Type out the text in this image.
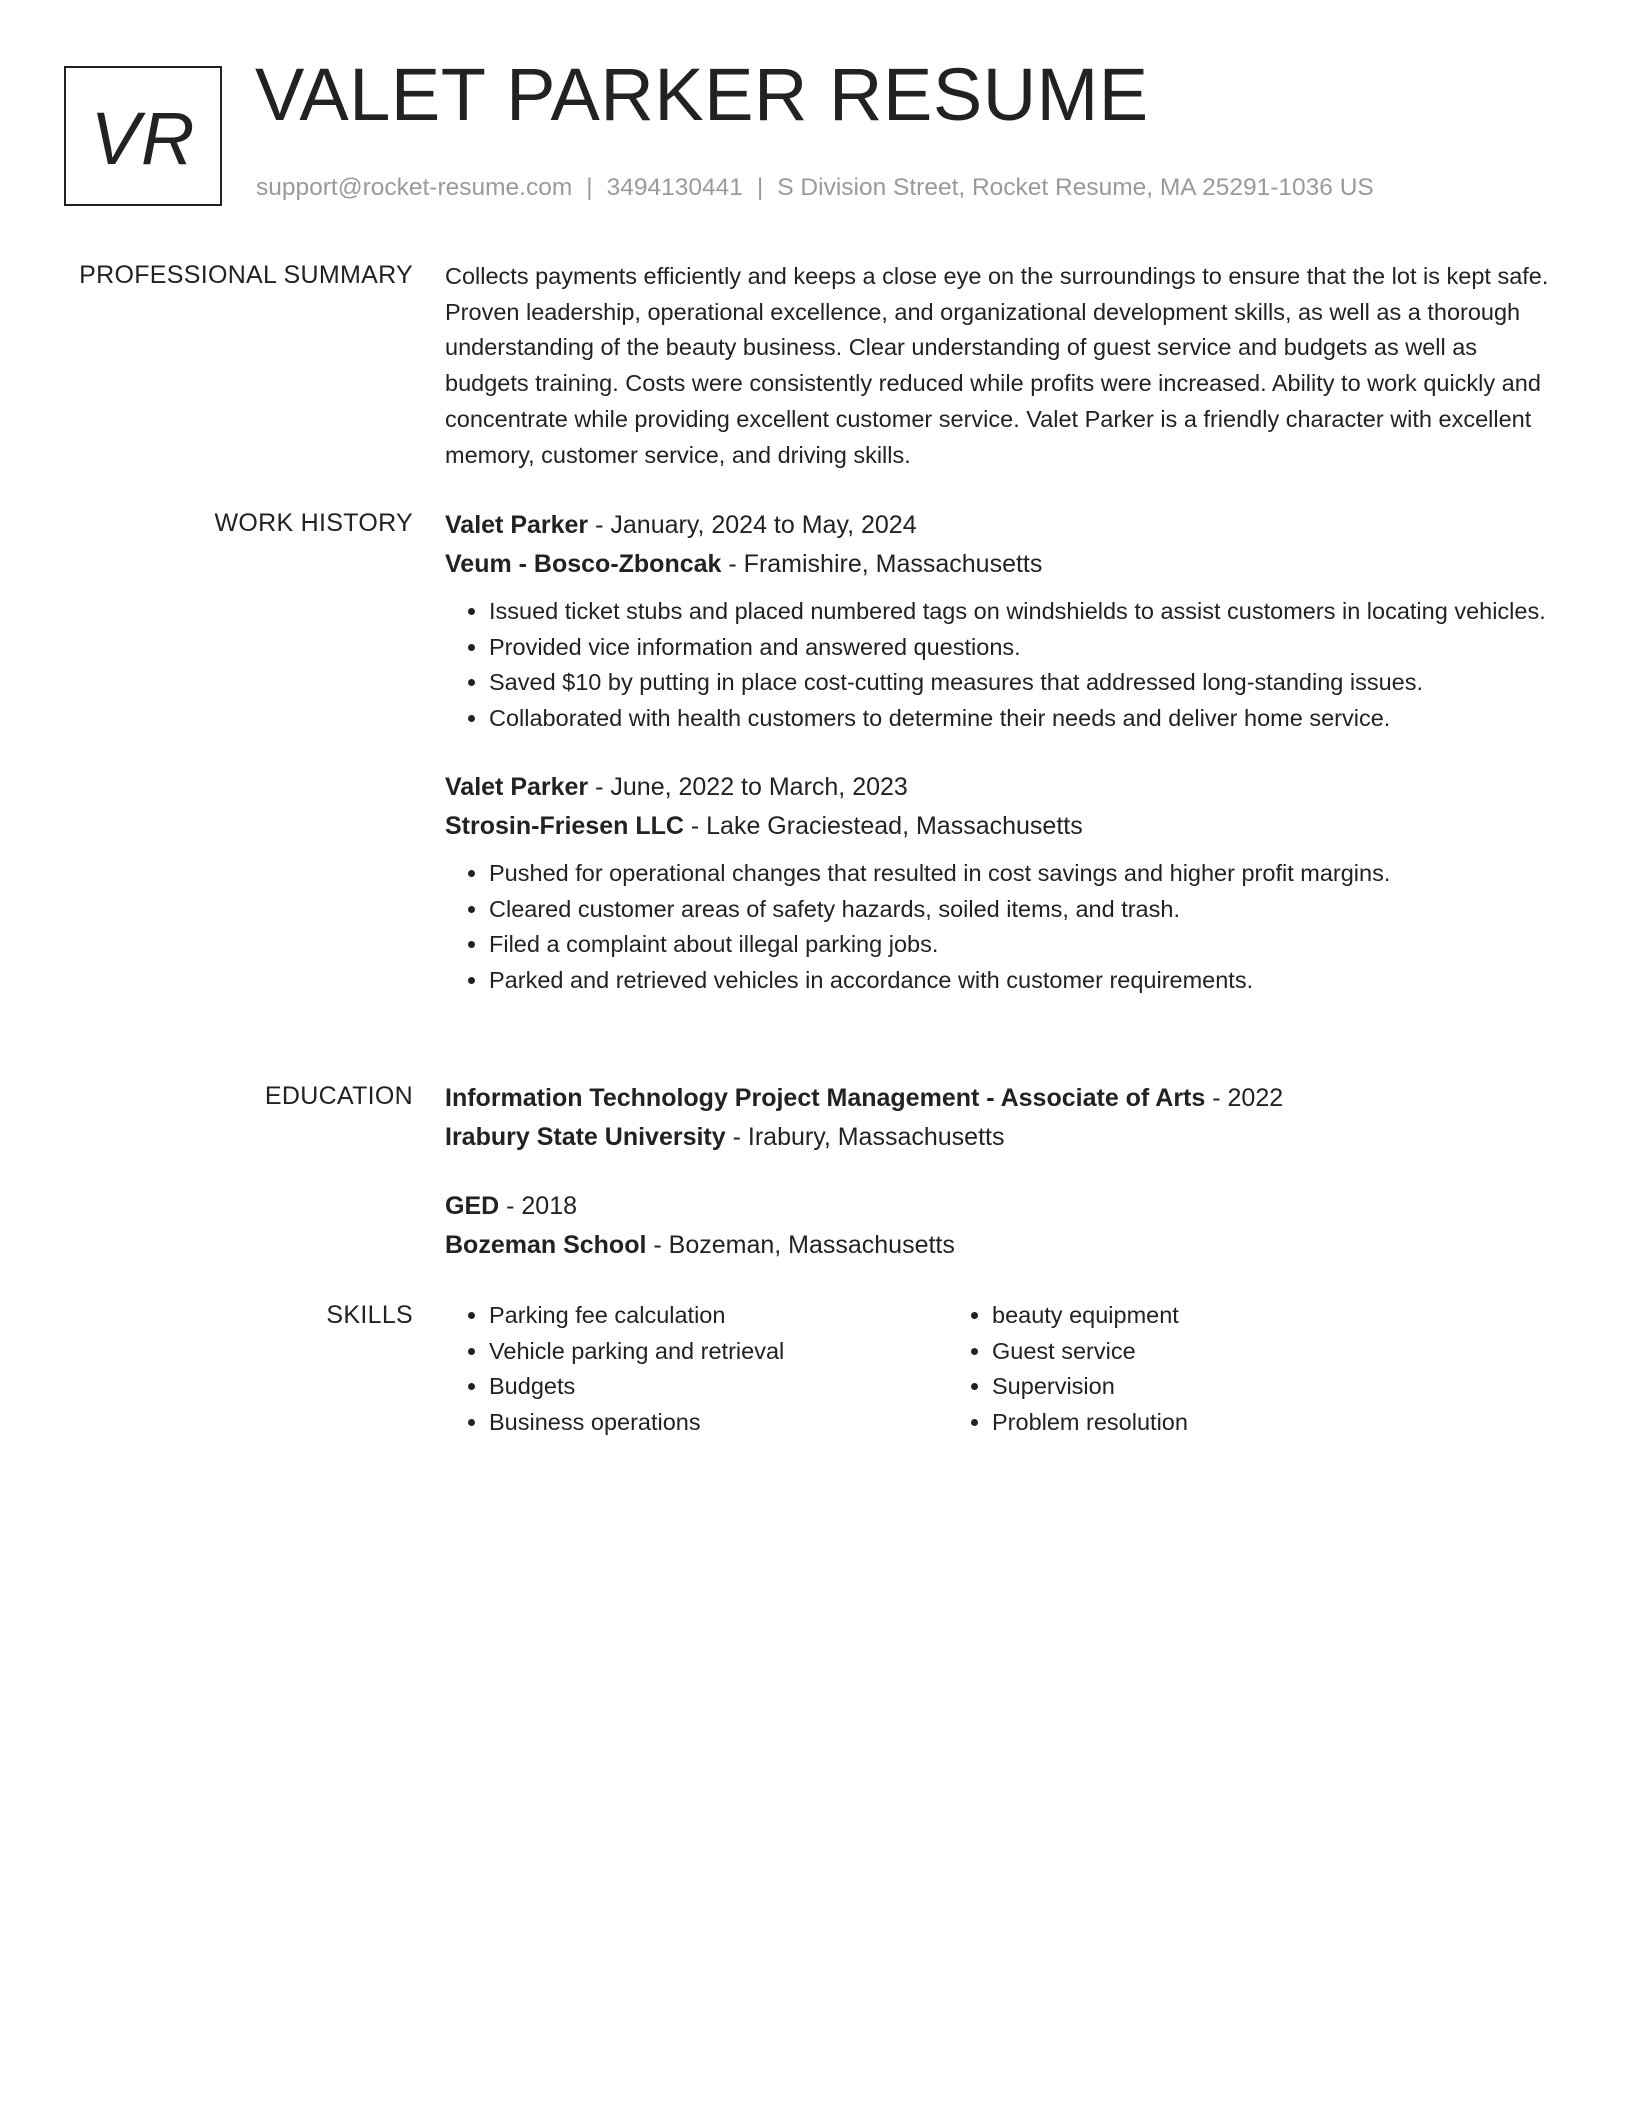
VR
VALET PARKER RESUME
support@rocket-resume.com | 3494130441 | S Division Street, Rocket Resume, MA 25291-1036 US
PROFESSIONAL SUMMARY Collects payments efficiently and keeps a close eye on the surroundings to ensure that the lot is kept safe. Proven leadership, operational excellence, and organizational development skills, as well as a thorough understanding of the beauty business. Clear understanding of guest service and budgets as well as budgets training. Costs were consistently reduced while profits were increased. Ability to work quickly and concentrate while providing excellent customer service. Valet Parker is a friendly character with excellent memory, customer service, and driving skills.

WORK HISTORY Valet Parker - January, 2024 to May, 2024
Veum - Bosco-Zboncak - Framishire, Massachusetts
• Issued ticket stubs and placed numbered tags on windshields to assist customers in locating vehicles.
• Provided vice information and answered questions.
• Saved $10 by putting in place cost-cutting measures that addressed long-standing issues.
• Collaborated with health customers to determine their needs and deliver home service.
Valet Parker - June, 2022 to March, 2023
Strosin-Friesen LLC - Lake Graciestead, Massachusetts
• Pushed for operational changes that resulted in cost savings and higher profit margins.
• Cleared customer areas of safety hazards, soiled items, and trash.
• Filed a complaint about illegal parking jobs.
• Parked and retrieved vehicles in accordance with customer requirements.
EDUCATION Information Technology Project Management - Associate of Arts - 2022
Irabury State University - Irabury, Massachusetts
GED - 2018
Bozeman School - Bozeman, Massachusetts
SKILLS
•	Parking fee calculation
• Vehicle parking and retrieval
• Budgets
• Business operations
• beauty equipment
• Guest service
• Supervision
• Problem resolution
